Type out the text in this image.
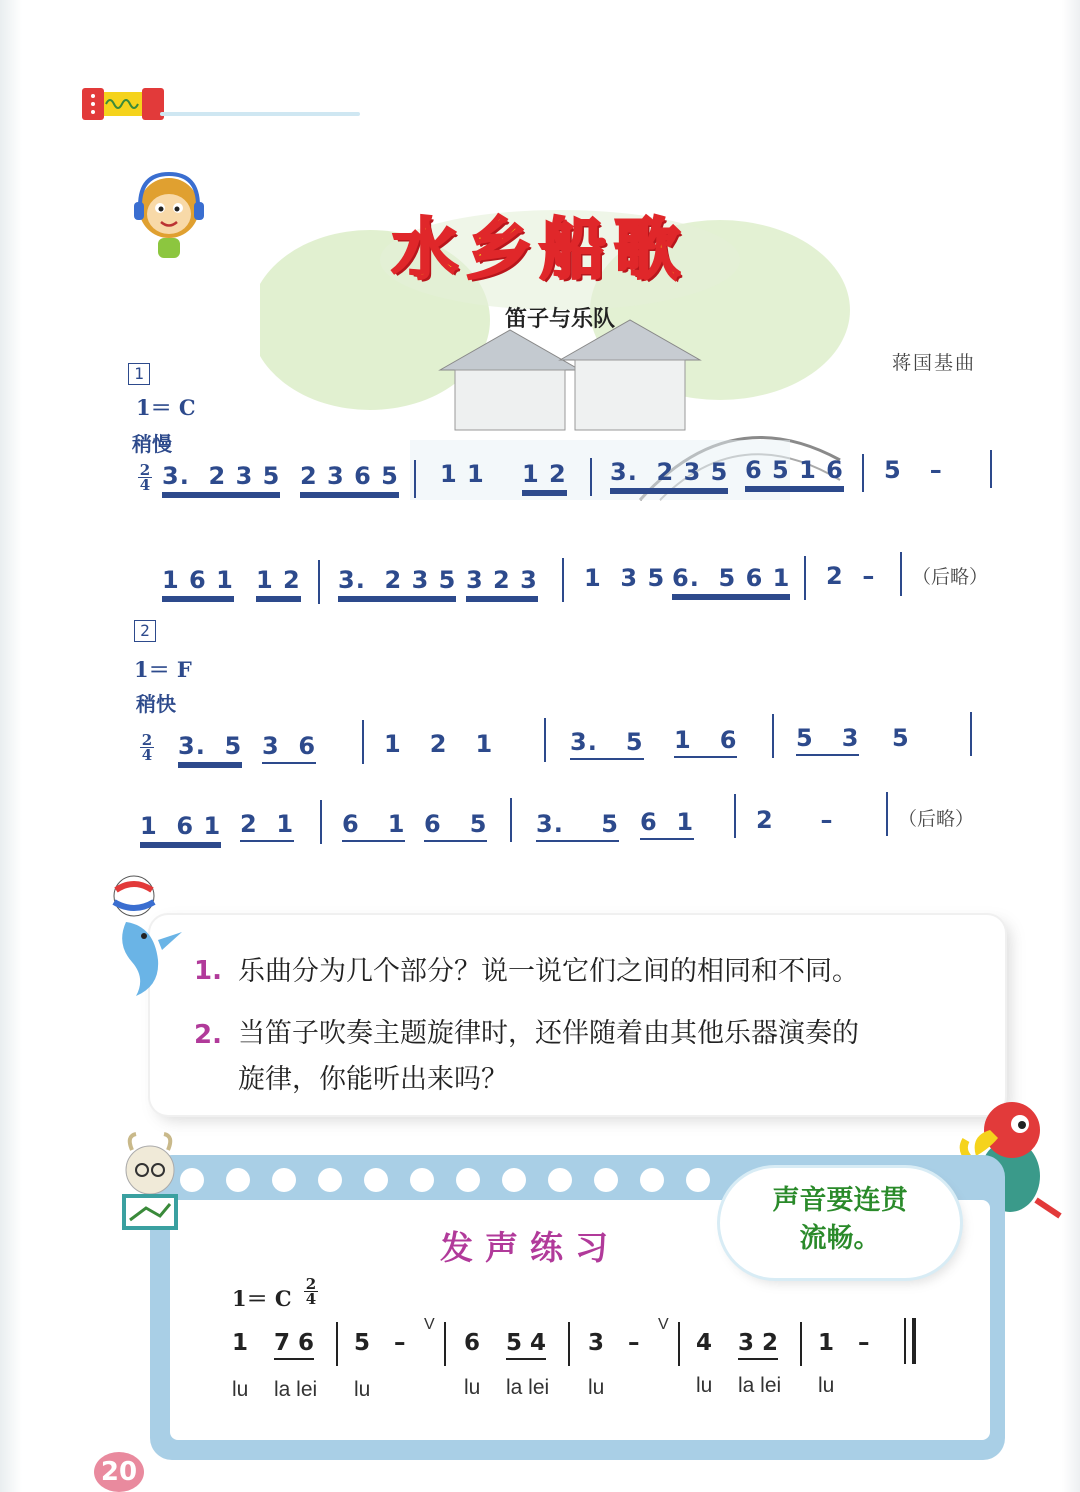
水乡船歌
笛子与乐队
蒋国基曲
1
1＝ C
稍慢
2
4 3.  2 3 5 2 3 6 5 1 1 1 2 3.  2 3 5 6 5 1 6 5   –
1 6 1 1 2 3.  2 3 5 3 2 3 1  3 5 6.  5 6 1 2  – （后略）
2
1＝ F
稍快
2
4 3.  5 3  6	1   2   1	3.   5 1   6 5   3 5
1  6 1 2  1 6   1 6   5 3.    5 6  1	2     –	（后略）
1. 乐曲分为几个部分？说一说它们之间的相同和不同。
2. 当笛子吹奏主题旋律时，还伴随着由其他乐器演奏的
旋律，你能听出来吗？
发声练习
声音要连贯
流畅。
1＝ C
2
4
1 7 6 5   –
V
6 5 4 3   –
V
4 3 2 1   –
lu la lei lu	lu la lei lu	lu la lei lu
20
